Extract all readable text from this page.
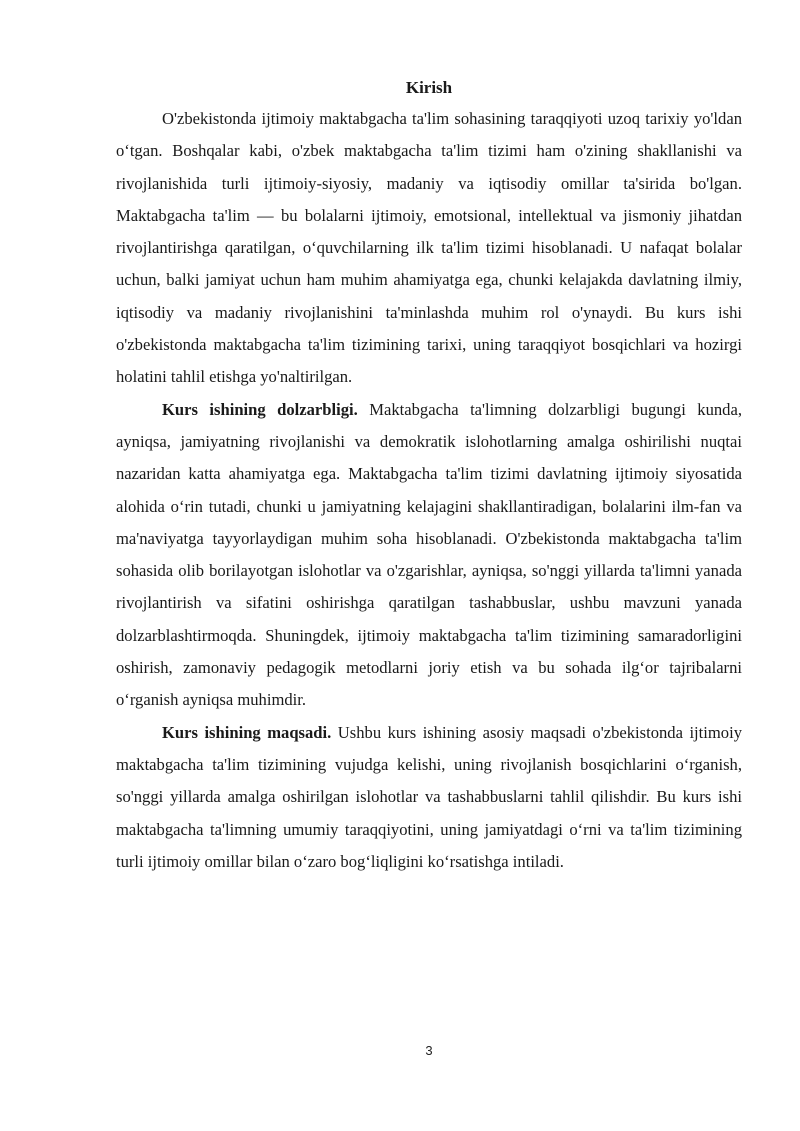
Kirish

O'zbekistonda ijtimoiy maktabgacha ta'lim sohasining taraqqiyoti uzoq tarixiy yo'ldan o‘tgan. Boshqalar kabi, o'zbek maktabgacha ta'lim tizimi ham o'zining shakllanishi va rivojlanishida turli ijtimoiy-siyosiy, madaniy va iqtisodiy omillar ta'sirida bo'lgan. Maktabgacha ta'lim — bu bolalarni ijtimoiy, emotsional, intellektual va jismoniy jihatdan rivojlantirishga qaratilgan, o‘quvchilarning ilk ta'lim tizimi hisoblanadi. U nafaqat bolalar uchun, balki jamiyat uchun ham muhim ahamiyatga ega, chunki kelajakda davlatning ilmiy, iqtisodiy va madaniy rivojlanishini ta'minlashda muhim rol o'ynaydi. Bu kurs ishi o'zbekistonda maktabgacha ta'lim tizimining tarixi, uning taraqqiyot bosqichlari va hozirgi holatini tahlil etishga yo'naltirilgan.

Kurs ishining dolzarbligi. Maktabgacha ta'limning dolzarbligi bugungi kunda, ayniqsa, jamiyatning rivojlanishi va demokratik islohotlarning amalga oshirilishi nuqtai nazaridan katta ahamiyatga ega. Maktabgacha ta'lim tizimi davlatning ijtimoiy siyosatida alohida o‘rin tutadi, chunki u jamiyatning kelajagini shakllantiradigan, bolalarini ilm-fan va ma'naviyatga tayyorlaydigan muhim soha hisoblanadi. O'zbekistonda maktabgacha ta'lim sohasida olib borilayotgan islohotlar va o'zgarishlar, ayniqsa, so'nggi yillarda ta'limni yanada rivojlantirish va sifatini oshirishga qaratilgan tashabbuslar, ushbu mavzuni yanada dolzarblashtirmoqda. Shuningdek, ijtimoiy maktabgacha ta'lim tizimining samaradorligini oshirish, zamonaviy pedagogik metodlarni joriy etish va bu sohada ilg‘or tajribalarni o‘rganish ayniqsa muhimdir.

Kurs ishining maqsadi. Ushbu kurs ishining asosiy maqsadi o'zbekistonda ijtimoiy maktabgacha ta'lim tizimining vujudga kelishi, uning rivojlanish bosqichlarini o‘rganish, so'nggi yillarda amalga oshirilgan islohotlar va tashabbuslarni tahlil qilishdir. Bu kurs ishi maktabgacha ta'limning umumiy taraqqiyotini, uning jamiyatdagi o‘rni va ta'lim tizimining turli ijtimoiy omillar bilan o‘zaro bog‘liqligini ko‘rsatishga intiladi.

3
